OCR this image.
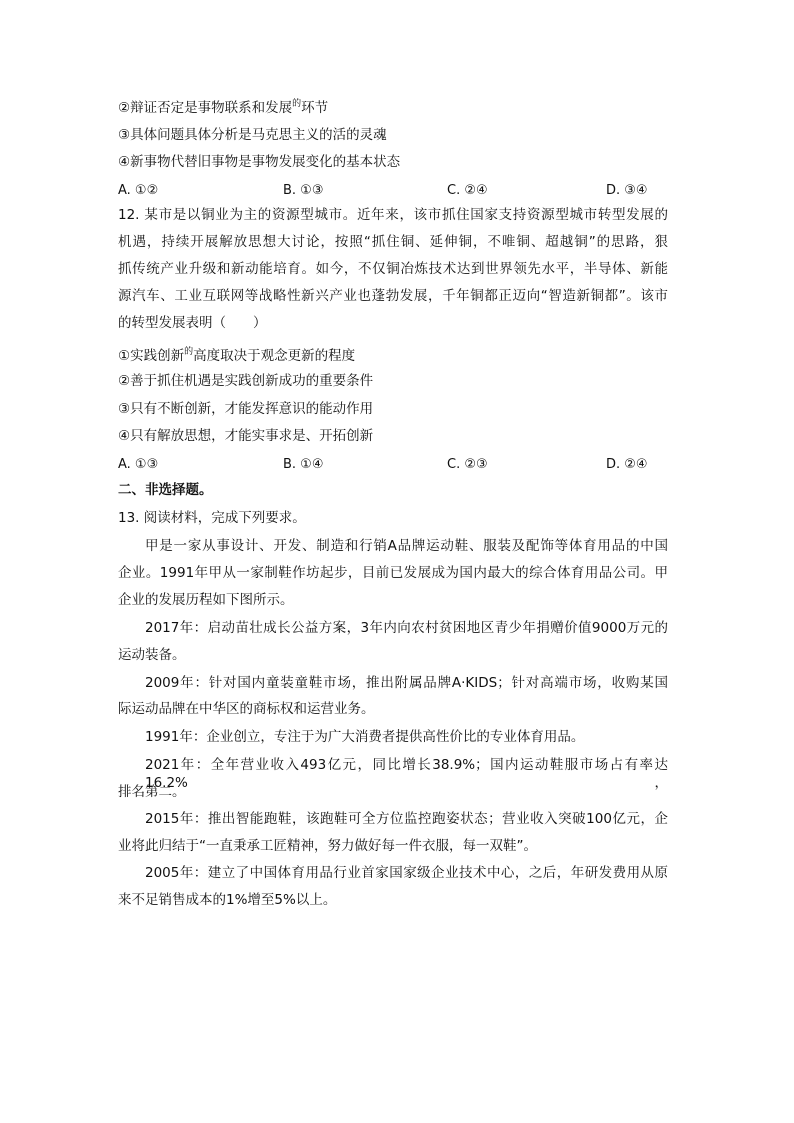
②辩证否定是事物联系和发展$^的$环节
③具体问题具体分析是马克思主义的活的灵魂
④新事物代替旧事物是事物发展变化的基本状态
A. ①②	B. ①③	C. ②④	D. ③④
12. 某市是以铜业为主的资源型城市。近年来，该市抓住国家支持资源型城市转型发展的
机遇，持续开展解放思想大讨论，按照“抓住铜、延伸铜，不唯铜、超越铜”的思路，狠
抓传统产业升级和新动能培育。如今，不仅铜冶炼技术达到世界领先水平，半导体、新能
源汽车、工业互联网等战略性新兴产业也蓬勃发展，千年铜都正迈向“智造新铜都”。该市
的转型发展表明（　　）
①实践创新$^的$高度取决于观念更新的程度
②善于抓住机遇是实践创新成功的重要条件
③只有不断创新，才能发挥意识的能动作用
④只有解放思想，才能实事求是、开拓创新
A. ①③	B. ①④	C. ②③	D. ②④
二、非选择题。
13. 阅读材料，完成下列要求。
甲是一家从事设计、开发、制造和行销A品牌运动鞋、服装及配饰等体育用品的中国
企业。1991年甲从一家制鞋作坊起步，目前已发展成为国内最大的综合体育用品公司。甲
企业的发展历程如下图所示。
2017年：启动苗壮成长公益方案，3年内向农村贫困地区青少年捐赠价值9000万元的
运动装备。
2009年：针对国内童装童鞋市场，推出附属品牌A·KIDS；针对高端市场，收购某国
际运动品牌在中华区的商标权和运营业务。
1991年：企业创立，专注于为广大消费者提供高性价比的专业体育用品。
2021年：全年营业收入493亿元，同比增长38.9%；国内运动鞋服市场占有率达16.2%，
排名第二。
2015年：推出智能跑鞋，该跑鞋可全方位监控跑姿状态；营业收入突破100亿元，企
业将此归结于“一直秉承工匠精神，努力做好每一件衣服，每一双鞋”。
2005年：建立了中国体育用品行业首家国家级企业技术中心，之后，年研发费用从原
来不足销售成本的1%增至5%以上。
